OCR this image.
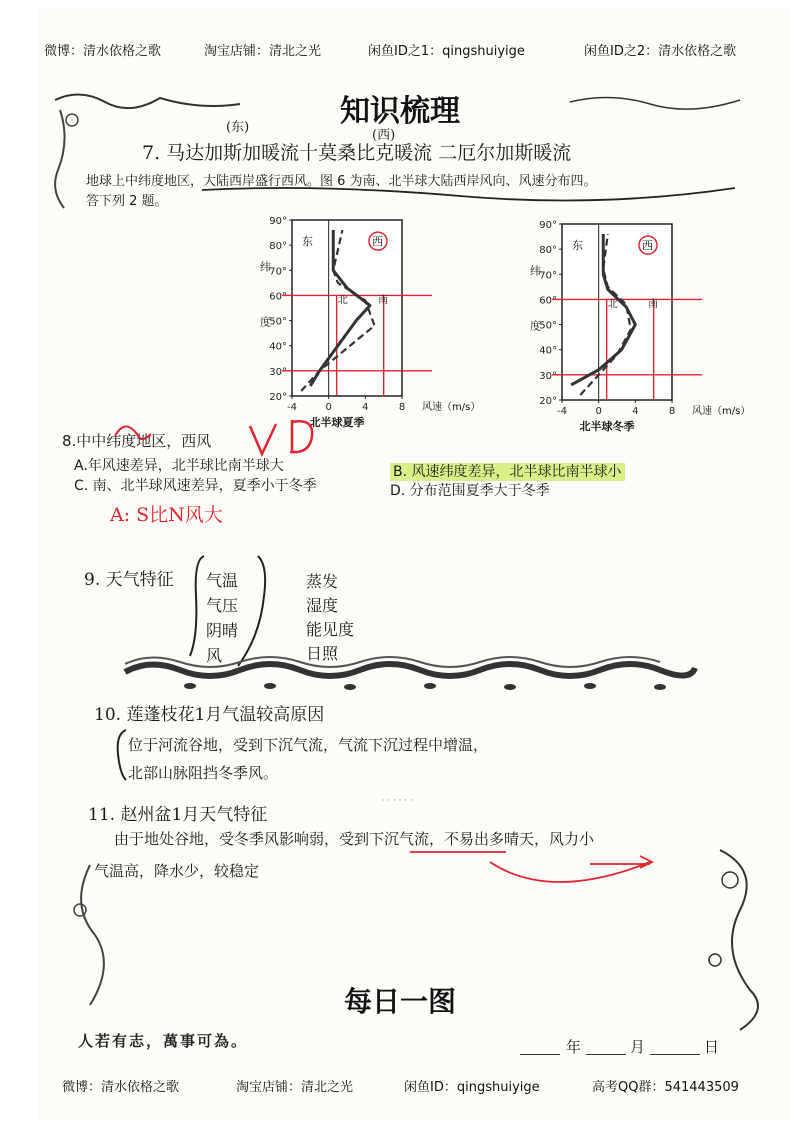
微博：清水依格之歌	淘宝店铺：清北之光	闲鱼ID之1：qingshuiyige	闲鱼ID之2：清水依格之歌
知识梳理
(东)
(西)
7. 马达加斯加暖流十莫桑比克暖流 二厄尔加斯暖流
地球上中纬度地区，大陆西岸盛行西风。图 6 为南、北半球大陆西岸风向、风速分布四。
答下列 2 题。
20°
30°
40°
50°
60°
70°
80°
90°
-4	0	4	8
东	西
北	南
纬
度
风速（m/s）
北半球夏季
20°
30°
40°
50°
60°
70°
80°
90°
-4	0	4	8
东	西
北	南
纬
度
风速（m/s）
北半球冬季
8.中中纬度地区，西风
A.年风速差异，北半球比南半球大	B. 风速纬度差异，北半球比南半球小
C. 南、北半球风速差异，夏季小于冬季	D. 分布范围夏季大于冬季
A: S比N风大
9. 天气特征 气温
气压
阴晴
风
蒸发
湿度
能见度
日照
10. 莲蓬枝花1月气温较高原因
位于河流谷地，受到下沉气流，气流下沉过程中增温，
北部山脉阻挡冬季风。
11. 赵州盆1月天气特征
由于地处谷地，受冬季风影响弱，受到下沉气流，不易出多晴天，风力小
气温高，降水少，较稳定
······
每日一图
人若有志，萬事可為。	年	月	日
微博：清水依格之歌	淘宝店铺：清北之光	闲鱼ID：qingshuiyige	高考QQ群：541443509
